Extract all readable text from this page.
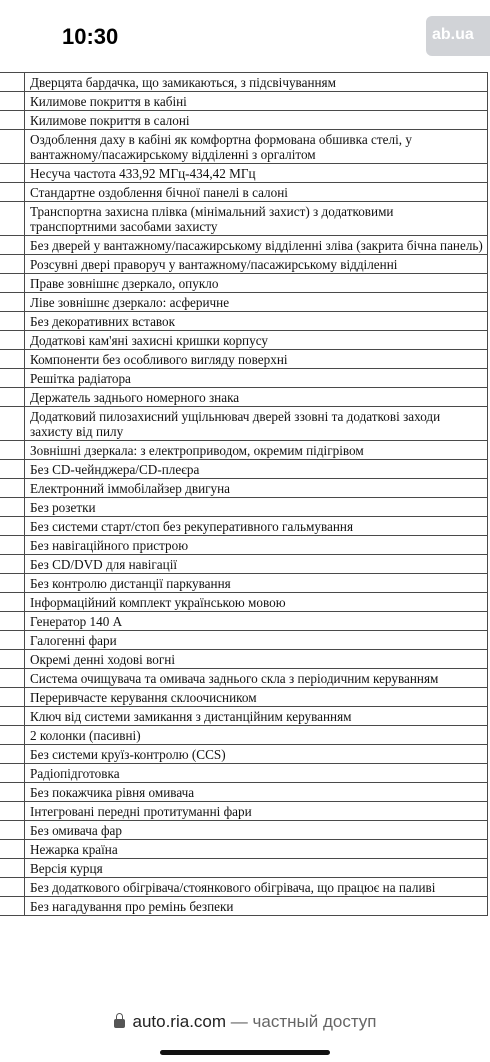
10:30	ab.ua
	Дверцята бардачка, що замикаються, з підсвічуванням
	Килимове покриття в кабіні
	Килимове покриття в салоні
	Оздоблення даху в кабіні як комфортна формована обшивка стелі, у вантажному/пасажирському відділенні з оргалітом
	Несуча частота 433,92 МГц-434,42 МГц
	Стандартне оздоблення бічної панелі в салоні
	Транспортна захисна плівка (мінімальний захист) з додатковими транспортними засобами захисту
	Без дверей у вантажному/пасажирському відділенні зліва (закрита бічна панель)
	Розсувні двері праворуч у вантажному/пасажирському відділенні
	Праве зовнішнє дзеркало, опукло
	Ліве зовнішнє дзеркало: асферичне
	Без декоративних вставок
	Додаткові кам'яні захисні кришки корпусу
	Компоненти без особливого вигляду поверхні
	Решітка радіатора
	Держатель заднього номерного знака
	Додатковий пилозахисний ущільнювач дверей ззовні та додаткові заходи захисту від пилу
	Зовнішні дзеркала: з електроприводом, окремим підігрівом
	Без CD-чейнджера/CD-плеєра
	Електронний іммобілайзер двигуна
	Без розетки
	Без системи старт/стоп без рекуперативного гальмування
	Без навігаційного пристрою
	Без CD/DVD для навігації
	Без контролю дистанції паркування
	Інформаційний комплект українською мовою
	Генератор 140 А
	Галогенні фари
	Окремі денні ходові вогні
	Система очищувача та омивача заднього скла з періодичним керуванням
	Переривчасте керування склоочисником
	Ключ від системи замикання з дистанційним керуванням
	2 колонки (пасивні)
	Без системи круїз-контролю (CCS)
	Радіопідготовка
	Без покажчика рівня омивача
	Інтегровані передні протитуманні фари
	Без омивача фар
	Нежарка країна
	Версія курця
	Без додаткового обігрівача/стоянкового обігрівача, що працює на паливі
	Без нагадування про ремінь безпеки
auto.ria.com — частный доступ
